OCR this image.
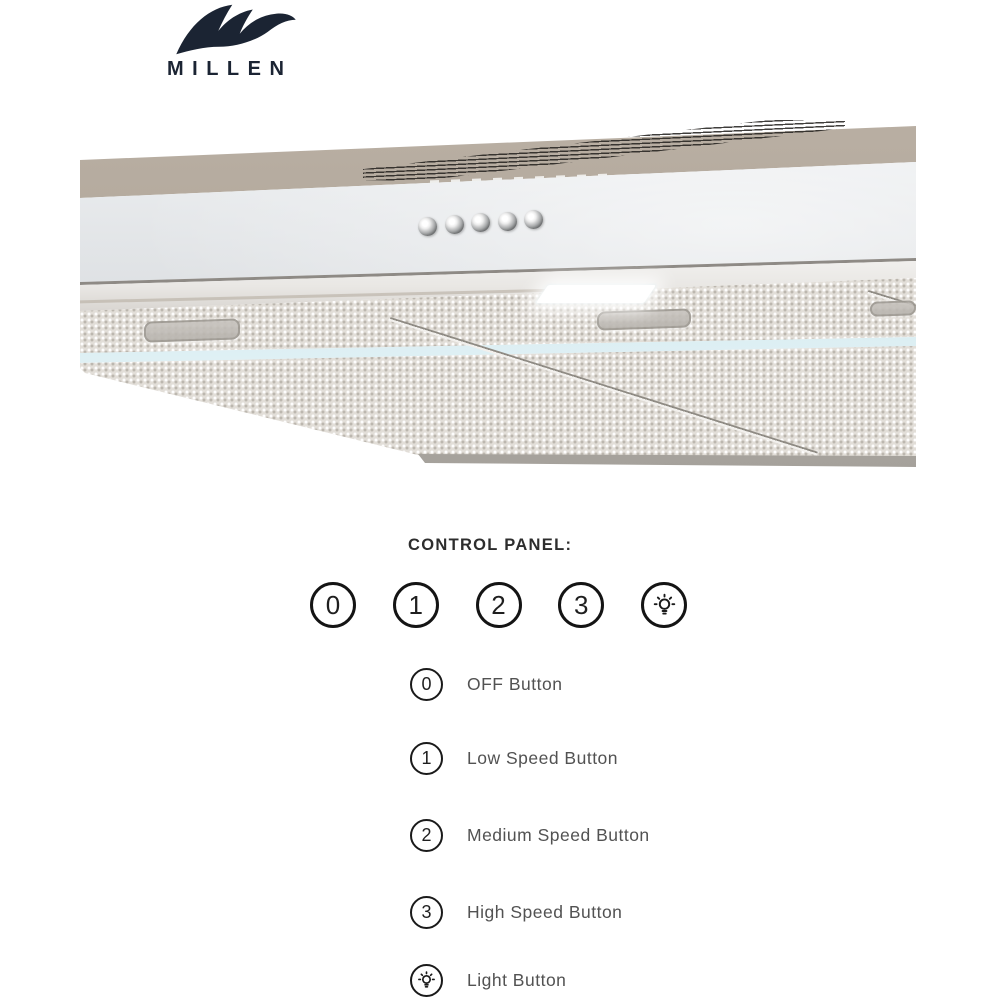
MILLEN
CONTROL PANEL:
0	1	2	3
0 OFF Button
1 Low Speed Button
2 Medium Speed Button
3 High Speed Button
Light Button
